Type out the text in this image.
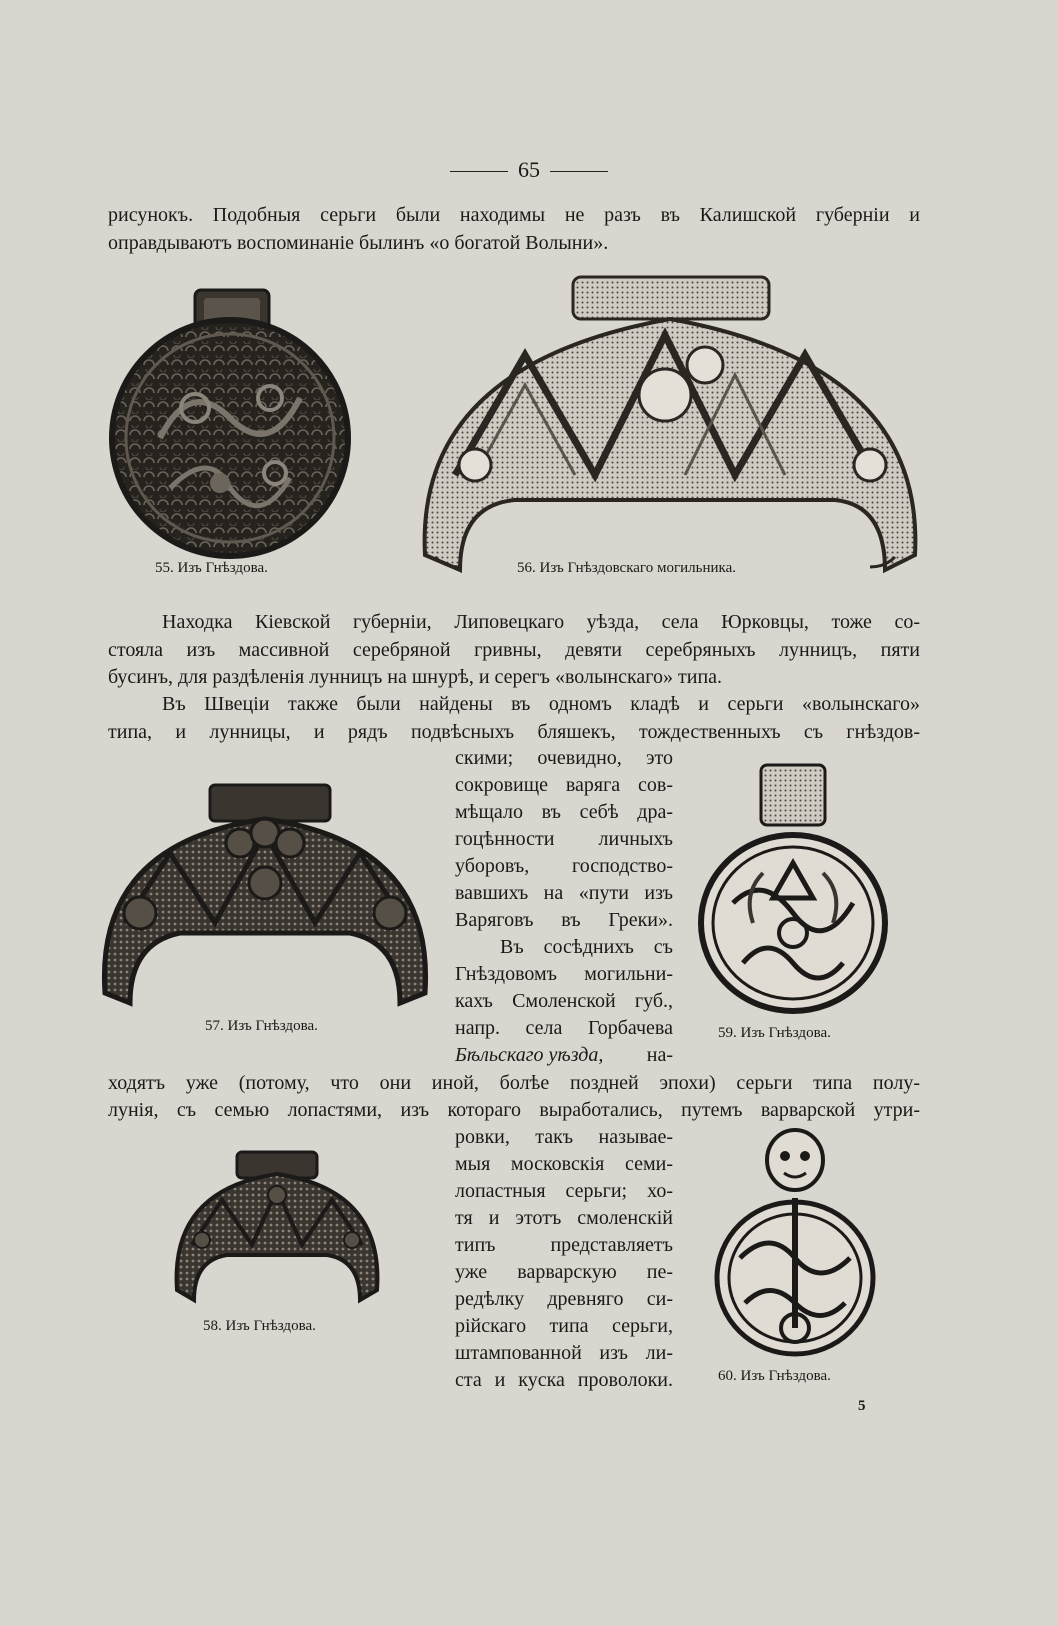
65
рисунокъ. Подобныя серьги были находимы не разъ въ Калишской губерніи и
оправдываютъ воспоминаніе былинъ «о богатой Волыни».
55. Изъ Гнѣздова.	56. Изъ Гнѣздовскаго могильника.
Находка Кіевской губерніи, Липовецкаго уѣзда, села Юрковцы, тоже со-
стояла изъ массивной серебряной гривны, девяти серебряныхъ лунницъ, пяти
бусинъ, для раздѣленія лунницъ на шнурѣ, и серегъ «волынскаго» типа.
Въ Швеціи также были найдены въ одномъ кладѣ и серьги «волынскаго»
типа, и лунницы, и рядъ подвѣсныхъ бляшекъ, тождественныхъ съ гнѣздов-
скими; очевидно, это
сокровище варяга сов-
мѣщало въ себѣ дра-
гоцѣнности личныхъ
уборовъ, господство-
вавшихъ на «пути изъ
Варяговъ въ Греки».
Въ сосѣднихъ съ
Гнѣздовомъ могильни-
кахъ Смоленской губ.,
напр. села Горбачева
Бѣльскаго уѣзда, на-
57. Изъ Гнѣздова.	59. Изъ Гнѣздова.
ходятъ уже (потому, что они иной, болѣе поздней эпохи) серьги типа полу-
лунія, съ семью лопастями, изъ котораго выработались, путемъ варварской утри-
ровки, такъ называе-
мыя московскія семи-
лопастныя серьги; хо-
тя и этотъ смоленскій
типъ представляетъ
уже варварскую пе-
редѣлку древняго си-
рійскаго типа серьги,
штампованной изъ ли-
ста и куска проволоки.
58. Изъ Гнѣздова.
60. Изъ Гнѣздова.
5
